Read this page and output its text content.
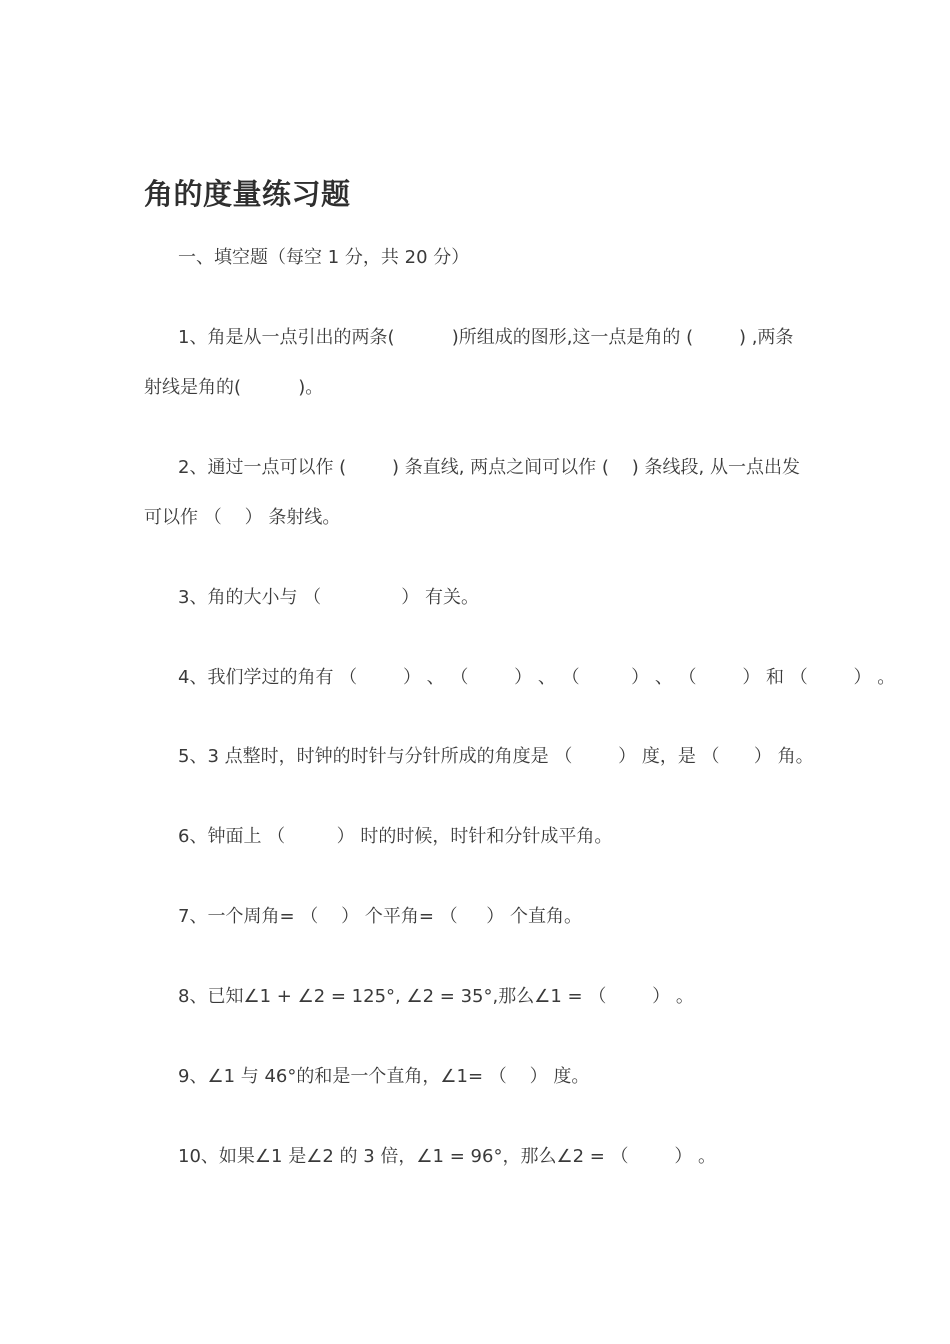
角的度量练习题
一、填空题（每空 1 分，共 20 分）
1、角是从一点引出的两条(          )所组成的图形,这一点是角的 (        ) ,两条
射线是角的(          )。
2、通过一点可以作 (        ) 条直线, 两点之间可以作 (    ) 条线段, 从一点出发
可以作 （    ） 条射线。
3、角的大小与 （              ） 有关。
4、我们学过的角有 （        ） 、 （        ） 、 （         ） 、 （        ） 和 （        ） 。
5、3 点整时，时钟的时针与分针所成的角度是 （        ） 度，是 （      ） 角。
6、钟面上 （         ） 时的时候，时针和分针成平角。
7、一个周角= （    ） 个平角= （     ） 个直角。
8、已知∠1 + ∠2 = 125°, ∠2 = 35°,那么∠1 = （        ） 。
9、∠1 与 46°的和是一个直角，∠1= （    ） 度。
10、如果∠1 是∠2 的 3 倍，∠1 = 96°，那么∠2 = （        ） 。
